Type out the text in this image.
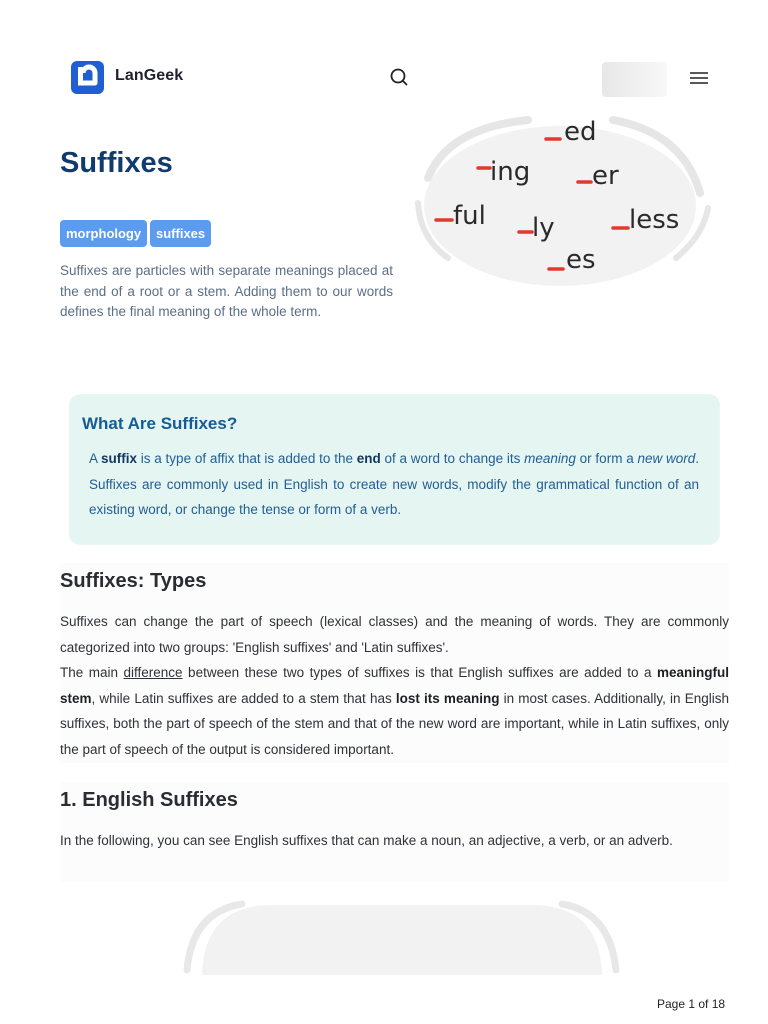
LanGeek
Suffixes
morphology	suffixes

Suffixes are particles with separate meanings placed at the end of a root or a stem. Adding them to our words defines the final meaning of the whole term.

ed
ing er
ful ly	less
es
What Are Suffixes?

A suffix is a type of affix that is added to the end of a word to change its meaning or form a new word. Suffixes are commonly used in English to create new words, modify the grammatical function of an existing word, or change the tense or form of a verb.

Suffixes: Types

Suffixes can change the part of speech (lexical classes) and the meaning of words. They are commonly categorized into two groups: 'English suffixes' and 'Latin suffixes'.

The main difference between these two types of suffixes is that English suffixes are added to a meaningful stem, while Latin suffixes are added to a stem that has lost its meaning in most cases. Additionally, in English suffixes, both the part of speech of the stem and that of the new word are important, while in Latin suffixes, only the part of speech of the output is considered important.

1. English Suffixes

In the following, you can see English suffixes that can make a noun, an adjective, a verb, or an adverb.

Page 1 of 18
